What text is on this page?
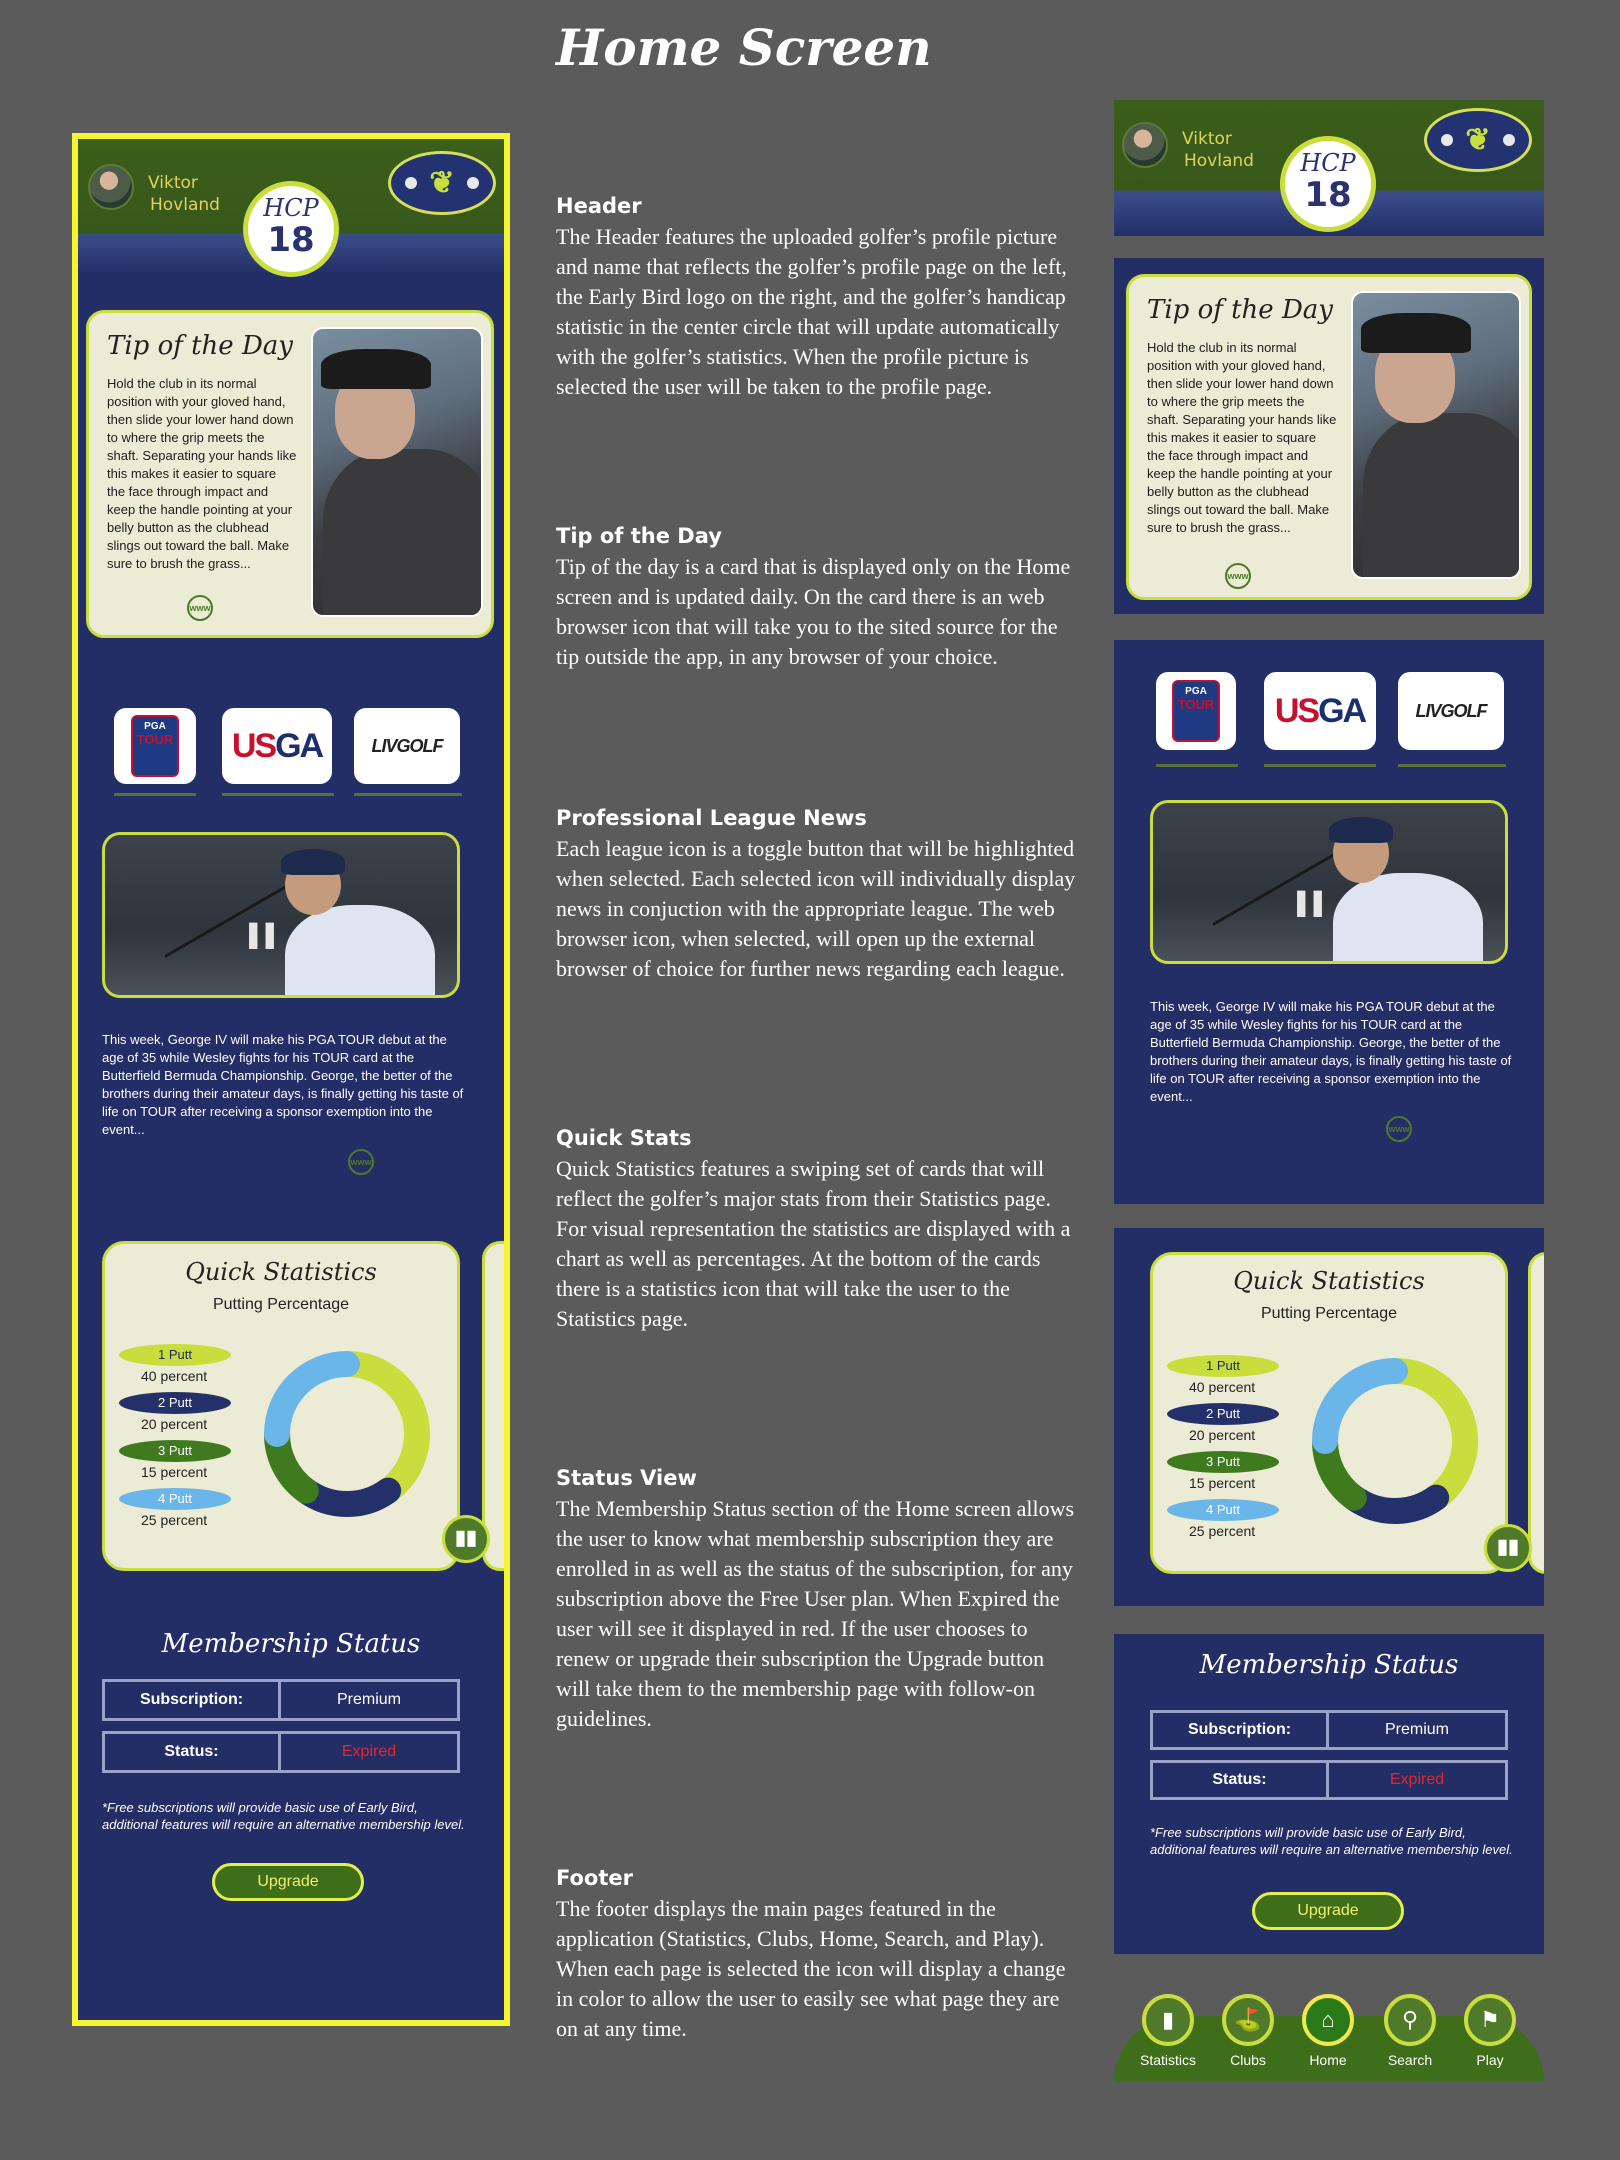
Home Screen
Viktor
Hovland	HCP
18
❦
Tip of the Day
Hold the club in its normal position with your gloved hand, then slide your lower hand down to where the grip meets the shaft. Separating your hands like this makes it easier to square the face through impact and keep the handle pointing at your belly button as the clubhead slings out toward the ball. Make sure to brush the grass...
www
PGA
TOUR USGA	LIVGOLF
ıı
This week, George IV will make his PGA TOUR debut at the age of 35 while Wesley fights for his TOUR card at the Butterfield Bermuda Championship. George, the better of the brothers during their amateur days, is finally getting his taste of life on TOUR after receiving a sponsor exemption into the event...
www
Quick Statistics
Putting Percentage
1 Putt
40 percent
2 Putt
20 percent
3 Putt
15 percent
4 Putt
25 percent
▮▮
Membership Status
Subscription:	Premium
Status:	Expired
*Free subscriptions will provide basic use of Early Bird, additional features will require an alternative membership level.
Upgrade
Header

The Header features the uploaded golfer’s profile picture and name that reflects the golfer’s profile page on the left, the Early Bird logo on the right, and the golfer’s handicap statistic in the center circle that will update automatically with the golfer’s statistics. When the profile picture is selected the user will be taken to the profile page.

Tip of the Day

Tip of the day is a card that is displayed only on the Home screen and is updated daily. On the card there is an web browser icon that will take you to the sited source for the tip outside the app, in any browser of your choice.

Professional League News

Each league icon is a toggle button that will be highlighted when selected. Each selected icon will individually display news in conjuction with the appropriate league. The web browser icon, when selected, will open up the external browser of choice for further news regarding each league.

Quick Stats

Quick Statistics features a swiping set of cards that will reflect the golfer’s major stats from their Statistics page. For visual representation the statistics are displayed with a chart as well as percentages. At the bottom of the cards there is a statistics icon that will take the user to the Statistics page.

Status View

The Membership Status section of the Home screen allows the user to know what membership subscription they are enrolled in as well as the status of the subscription, for any subscription above the Free User plan. When Expired the user will see it displayed in red. If the user chooses to renew or upgrade their subscription the Upgrade button will take them to the membership page with follow-on guidelines.

Footer

The footer displays the main pages featured in the application (Statistics, Clubs, Home, Search, and Play). When each page is selected the icon will display a change in color to allow the user to easily see what page they are on at any time.

Viktor
Hovland	HCP
18
❦
Tip of the Day
Hold the club in its normal position with your gloved hand, then slide your lower hand down to where the grip meets the shaft. Separating your hands like this makes it easier to square the face through impact and keep the handle pointing at your belly button as the clubhead slings out toward the ball. Make sure to brush the grass...
www
PGA
TOUR USGA	LIVGOLF
ıı
This week, George IV will make his PGA TOUR debut at the age of 35 while Wesley fights for his TOUR card at the Butterfield Bermuda Championship. George, the better of the brothers during their amateur days, is finally getting his taste of life on TOUR after receiving a sponsor exemption into the event...
www
Quick Statistics
Putting Percentage
1 Putt
40 percent
2 Putt
20 percent
3 Putt
15 percent
4 Putt
25 percent
▮▮
Membership Status
Subscription:	Premium
Status:	Expired
*Free subscriptions will provide basic use of Early Bird, additional features will require an alternative membership level.
Upgrade
▮
Statistics
⛳
Clubs
⌂
Home
⚲
Search
⚑
Play
